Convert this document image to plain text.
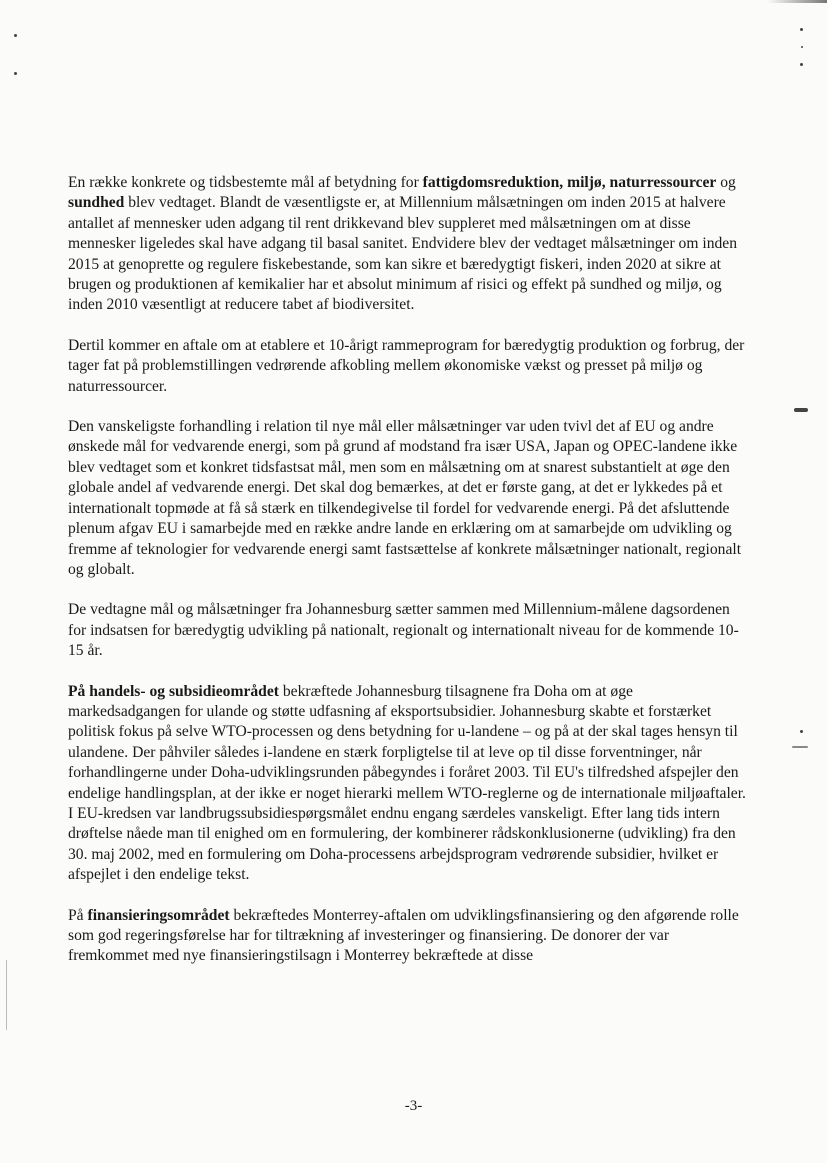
En række konkrete og tidsbestemte mål af betydning for fattigdomsreduktion, miljø, naturressourcer og sundhed blev vedtaget. Blandt de væsentligste er, at Millennium målsætningen om inden 2015 at halvere antallet af mennesker uden adgang til rent drikkevand blev suppleret med målsætningen om at disse mennesker ligeledes skal have adgang til basal sanitet. Endvidere blev der vedtaget målsætninger om inden 2015 at genoprette og regulere fiskebestande, som kan sikre et bæredygtigt fiskeri, inden 2020 at sikre at brugen og produktionen af kemikalier har et absolut minimum af risici og effekt på sundhed og miljø, og inden 2010 væsentligt at reducere tabet af biodiversitet.

Dertil kommer en aftale om at etablere et 10-årigt rammeprogram for bæredygtig produktion og forbrug, der tager fat på problemstillingen vedrørende afkobling mellem økonomiske vækst og presset på miljø og naturressourcer.

Den vanskeligste forhandling i relation til nye mål eller målsætninger var uden tvivl det af EU og andre ønskede mål for vedvarende energi, som på grund af modstand fra især USA, Japan og OPEC-landene ikke blev vedtaget som et konkret tidsfastsat mål, men som en målsætning om at snarest substantielt at øge den globale andel af vedvarende energi. Det skal dog bemærkes, at det er første gang, at det er lykkedes på et internationalt topmøde at få så stærk en tilkendegivelse til fordel for vedvarende energi. På det afsluttende plenum afgav EU i samarbejde med en række andre lande en erklæring om at samarbejde om udvikling og fremme af teknologier for vedvarende energi samt fastsættelse af konkrete målsætninger nationalt, regionalt og globalt.

De vedtagne mål og målsætninger fra Johannesburg sætter sammen med Millennium-målene dagsordenen for indsatsen for bæredygtig udvikling på nationalt, regionalt og internationalt niveau for de kommende 10-15 år.

På handels- og subsidieområdet bekræftede Johannesburg tilsagnene fra Doha om at øge markedsadgangen for ulande og støtte udfasning af eksportsubsidier. Johannesburg skabte et forstærket politisk fokus på selve WTO-processen og dens betydning for u-landene – og på at der skal tages hensyn til ulandene. Der påhviler således i-landene en stærk forpligtelse til at leve op til disse forventninger, når forhandlingerne under Doha-udviklingsrunden påbegyndes i foråret 2003. Til EU's tilfredshed afspejler den endelige handlingsplan, at der ikke er noget hierarki mellem WTO-reglerne og de internationale miljøaftaler. I EU-kredsen var landbrugssubsidiespørgsmålet endnu engang særdeles vanskeligt. Efter lang tids intern drøftelse nåede man til enighed om en formulering, der kombinerer rådskonklusionerne (udvikling) fra den 30. maj 2002, med en formulering om Doha-processens arbejdsprogram vedrørende subsidier, hvilket er afspejlet i den endelige tekst.

På finansieringsområdet bekræftedes Monterrey-aftalen om udviklingsfinansiering og den afgørende rolle som god regeringsførelse har for tiltrækning af investeringer og finansiering. De donorer der var fremkommet med nye finansieringstilsagn i Monterrey bekræftede at disse

-3-
